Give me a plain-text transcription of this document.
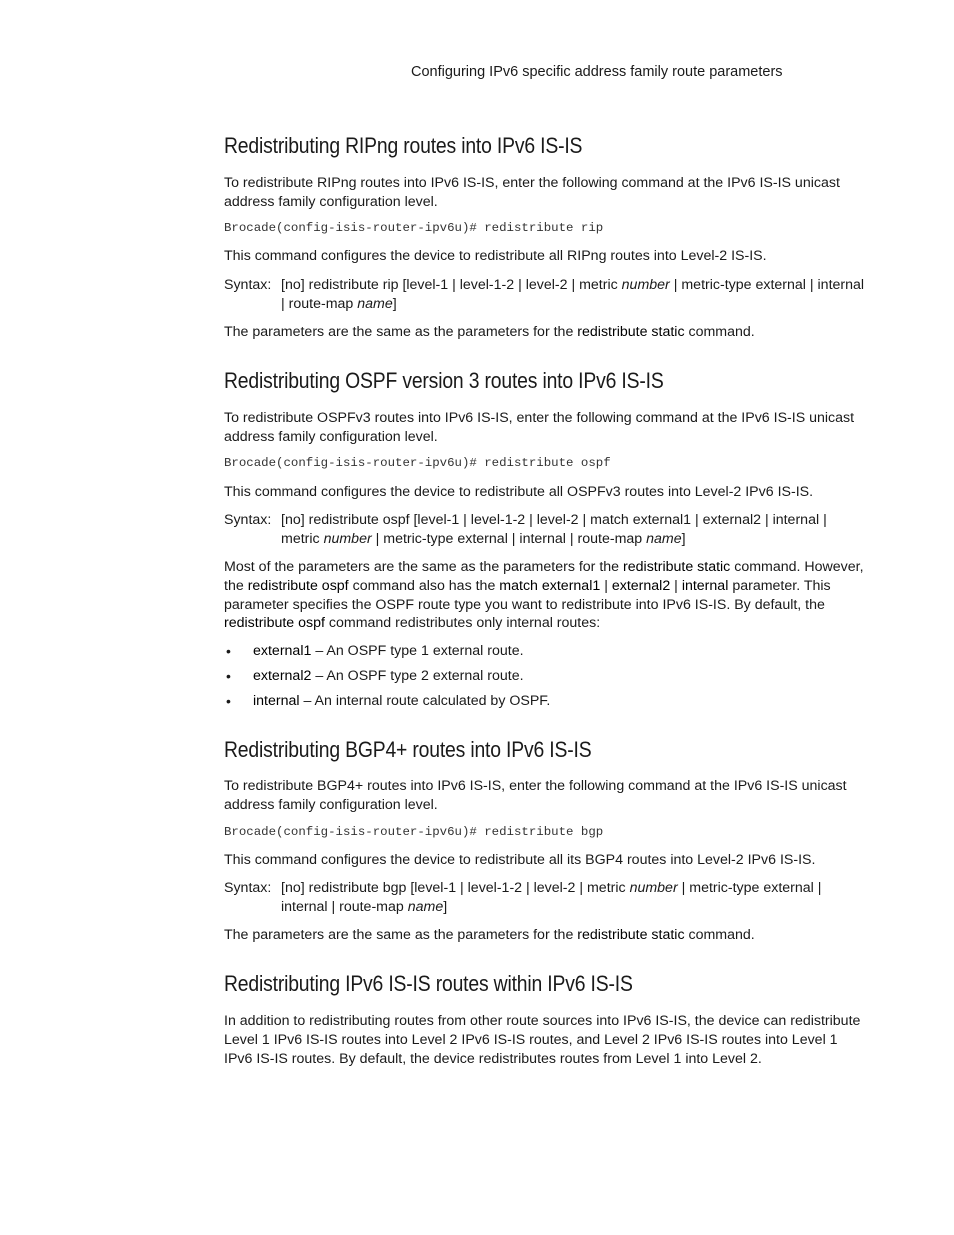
Configuring IPv6 specific address family route parameters
Redistributing RIPng routes into IPv6 IS-IS
To redistribute RIPng routes into IPv6 IS-IS, enter the following command at the IPv6 IS-IS unicast address family configuration level.
Brocade(config-isis-router-ipv6u)# redistribute rip
This command configures the device to redistribute all RIPng routes into Level-2 IS-IS.
Syntax: [no] redistribute rip [level-1 | level-1-2 | level-2 | metric number | metric-type external | internal | route-map name]
The parameters are the same as the parameters for the redistribute static command.
Redistributing OSPF version 3 routes into IPv6 IS-IS
To redistribute OSPFv3 routes into IPv6 IS-IS, enter the following command at the IPv6 IS-IS unicast address family configuration level.
Brocade(config-isis-router-ipv6u)# redistribute ospf
This command configures the device to redistribute all OSPFv3 routes into Level-2 IPv6 IS-IS.
Syntax: [no] redistribute ospf [level-1 | level-1-2 | level-2 | match external1 | external2 | internal | metric number | metric-type external | internal | route-map name]
Most of the parameters are the same as the parameters for the redistribute static command. However, the redistribute ospf command also has the match external1 | external2 | internal parameter. This parameter specifies the OSPF route type you want to redistribute into IPv6 IS-IS. By default, the redistribute ospf command redistributes only internal routes:
• external1 – An OSPF type 1 external route.
• external2 – An OSPF type 2 external route.
• internal – An internal route calculated by OSPF.
Redistributing BGP4+ routes into IPv6 IS-IS
To redistribute BGP4+ routes into IPv6 IS-IS, enter the following command at the IPv6 IS-IS unicast address family configuration level.
Brocade(config-isis-router-ipv6u)# redistribute bgp
This command configures the device to redistribute all its BGP4 routes into Level-2 IPv6 IS-IS.
Syntax: [no] redistribute bgp [level-1 | level-1-2 | level-2 | metric number | metric-type external | internal | route-map name]
The parameters are the same as the parameters for the redistribute static command.
Redistributing IPv6 IS-IS routes within IPv6 IS-IS
In addition to redistributing routes from other route sources into IPv6 IS-IS, the device can redistribute Level 1 IPv6 IS-IS routes into Level 2 IPv6 IS-IS routes, and Level 2 IPv6 IS-IS routes into Level 1 IPv6 IS-IS routes. By default, the device redistributes routes from Level 1 into Level 2.
